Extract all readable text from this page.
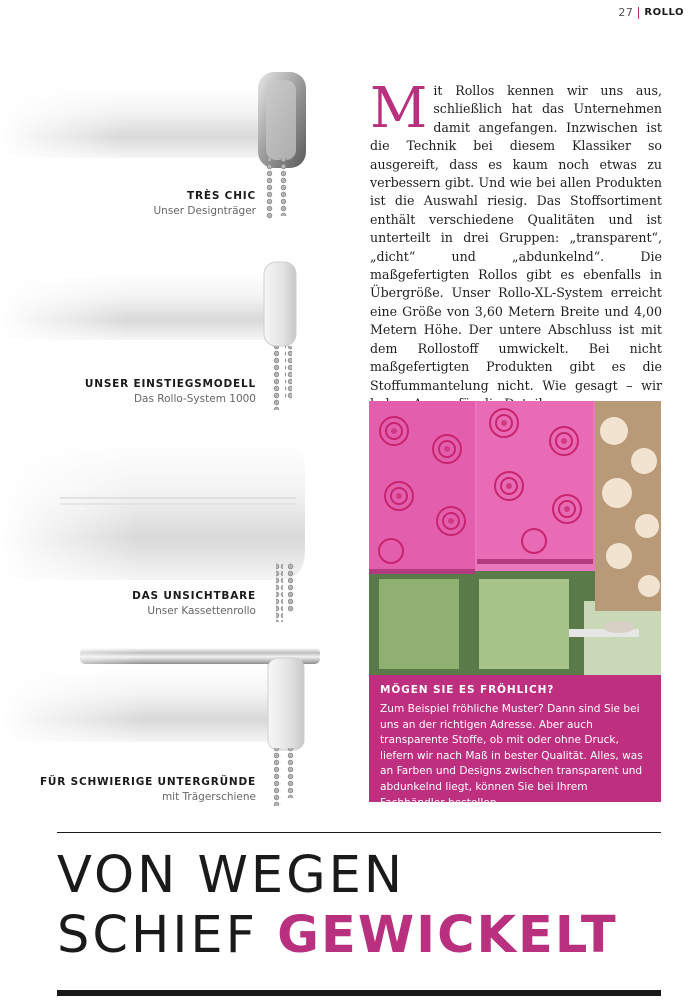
27 ROLLO
TRÈS CHIC
Unser Designträger
UNSER EINSTIEGSMODELL
Das Rollo-System 1000
DAS UNSICHTBARE
Unser Kassettenrollo
FÜR SCHWIERIGE UNTERGRÜNDE
mit Trägerschiene
Mit Rollos kennen wir uns aus, schließlich hat das Unternehmen damit angefangen. Inzwischen ist die Technik bei diesem Klassiker so ausgereift, dass es kaum noch etwas zu verbessern gibt. Und wie bei allen Produkten ist die Auswahl riesig. Das Stoffsortiment enthält verschiedene Qualitäten und ist unterteilt in drei Gruppen: „transparent“, „dicht“ und „abdunkelnd“. Die maßgefertigten Rollos gibt es ebenfalls in Übergröße. Unser Rollo-XL-System erreicht eine Größe von 3,60 Metern Breite und 4,00 Metern Höhe. Der untere Abschluss ist mit dem Rollostoff umwickelt. Bei nicht maßgefertigten Produkten gibt es die Stoffummantelung nicht. Wie gesagt – wir
MÖGEN SIE ES FRÖHLICH?
Zum Beispiel fröhliche Muster? Dann sind Sie bei uns an der richtigen Adresse. Aber auch transparente Stoffe, ob mit oder ohne Druck, liefern wir nach Maß in bester Qualität. Alles, was an Farben und Designs zwischen transparent und abdunkelnd liegt, können Sie bei Ihrem Fachhändler bestellen.
VON WEGEN
SCHIEF GEWICKELT
